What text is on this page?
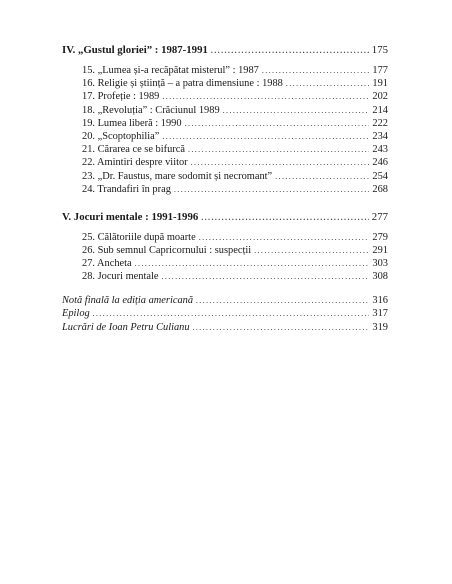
IV. „Gustul gloriei” : 1987-1991 .....	175
15. „Lumea și-a recăpătat misterul” : 1987 .....	177
16. Religie și știință – a patra dimensiune : 1988 .....	191
17. Profeție : 1989 .....	202
18. „Revoluția” : Crăciunul 1989 .....	214
19. Lumea liberă : 1990 .....	222
20. „Scoptophilia” .....	234
21. Cărarea ce se bifurcă .....	243
22. Amintiri despre viitor .....	246
23. „Dr. Faustus, mare sodomit și necromant” .....	254
24. Trandafiri în prag .....	268
V. Jocuri mentale : 1991-1996 .....	277
25. Călătoriile după moarte .....	279
26. Sub semnul Capricornului : suspecții .....	291
27. Ancheta .....	303
28. Jocuri mentale .....	308
Notă finală la ediția americană .....	316
Epilog .....	317
Lucrări de Ioan Petru Culianu .....	319
